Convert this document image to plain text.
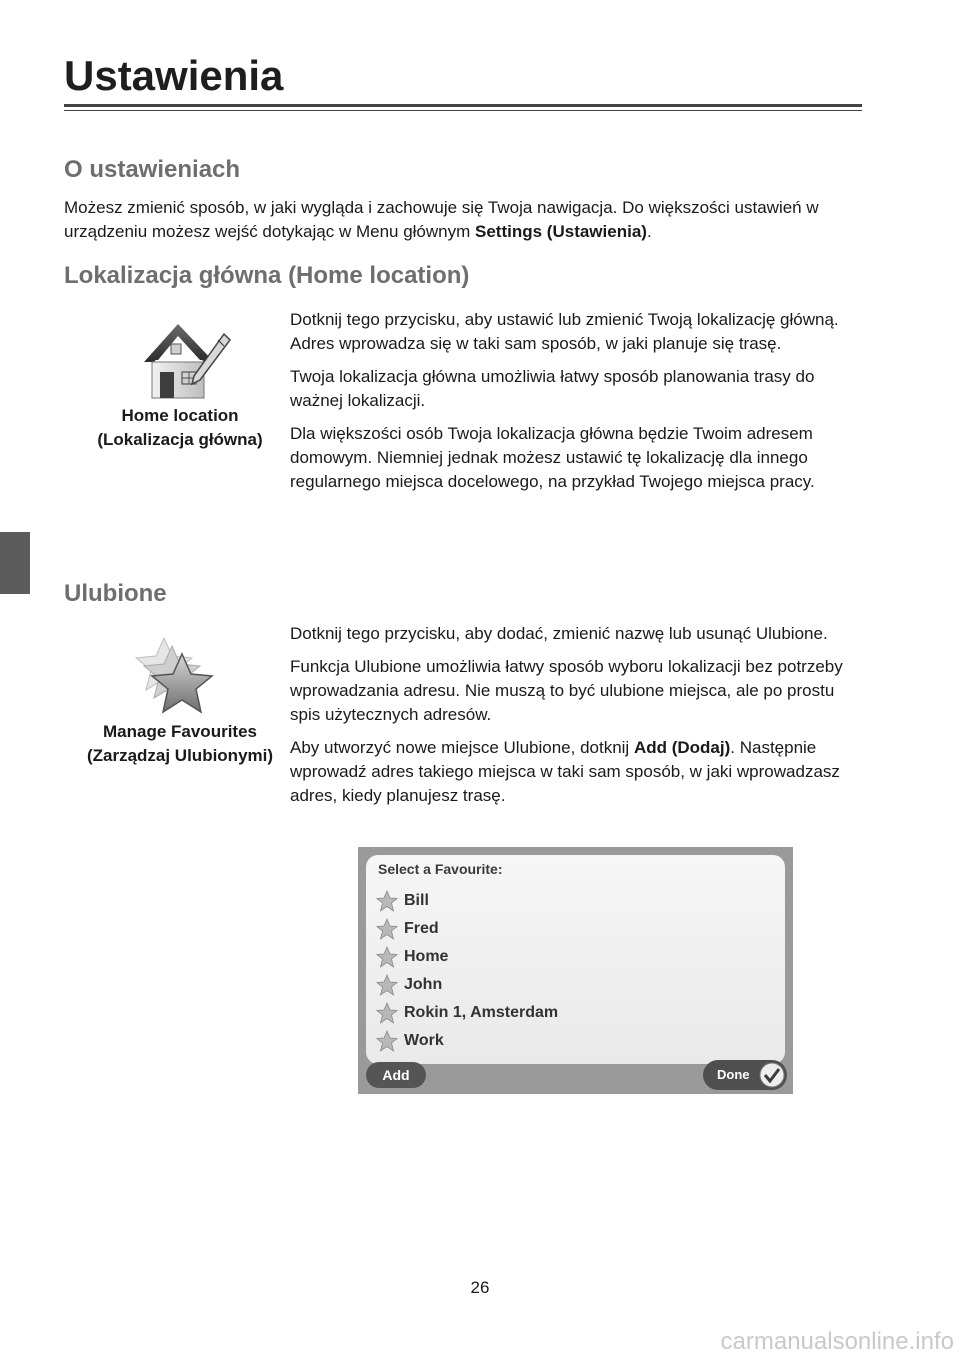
Ustawienia
O ustawieniach

Możesz zmienić sposób, w jaki wygląda i zachowuje się Twoja nawigacja. Do większości ustawień w urządzeniu możesz wejść dotykając w Menu głównym Settings (Ustawienia).

Lokalizacja główna (Home location)
Home location
(Lokalizacja główna)

Dotknij tego przycisku, aby ustawić lub zmienić Twoją lokalizację główną. Adres wprowadza się w taki sam sposób, w jaki planuje się trasę.

Twoja lokalizacja główna umożliwia łatwy sposób planowania trasy do ważnej lokalizacji.

Dla większości osób Twoja lokalizacja główna będzie Twoim adresem domowym. Niemniej jednak możesz ustawić tę lokalizację dla innego regularnego miejsca docelowego, na przykład Twojego miejsca pracy.

Ulubione
Manage Favourites
(Zarządzaj Ulubionymi)

Dotknij tego przycisku, aby dodać, zmienić nazwę lub usunąć Ulubione.

Funkcja Ulubione umożliwia łatwy sposób wyboru lokalizacji bez potrzeby wprowadzania adresu. Nie muszą to być ulubione miejsca, ale po prostu spis użytecznych adresów.

Aby utworzyć nowe miejsce Ulubione, dotknij Add (Dodaj). Następnie wprowadź adres takiego miejsca w taki sam sposób, w jaki wprowadzasz adres, kiedy planujesz trasę.

Select a Favourite:
Bill
Fred
Home
John
Rokin 1, Amsterdam
Work
Add	Done
26
carmanualsonline.info
